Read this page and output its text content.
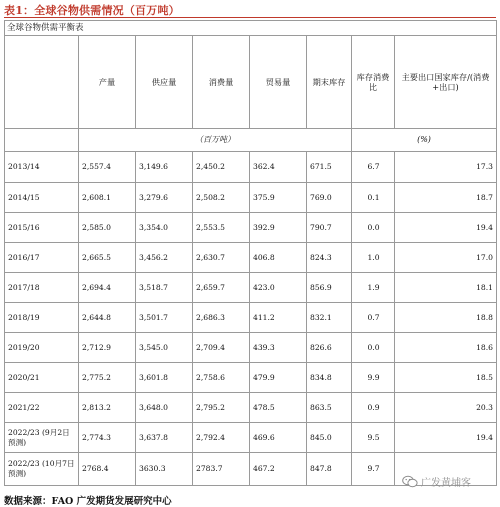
表1：全球谷物供需情况（百万吨）
全球谷物供需平衡表							
	产量	供应量	消费量	贸易量	期末库存	库存消费比	主要出口国家库存/(消费+出口)
	（百万吨）					(%)	
2013/14	2,557.4	3,149.6	2,450.2	362.4	671.5	6.7	17.3
2014/15	2,608.1	3,279.6	2,508.2	375.9	769.0	0.1	18.7
2015/16	2,585.0	3,354.0	2,553.5	392.9	790.7	0.0	19.4
2016/17	2,665.5	3,456.2	2,630.7	406.8	824.3	1.0	17.0
2017/18	2,694.4	3,518.7	2,659.7	423.0	856.9	1.9	18.1
2018/19	2,644.8	3,501.7	2,686.3	411.2	832.1	0.7	18.8
2019/20	2,712.9	3,545.0	2,709.4	439.3	826.6	0.0	18.6
2020/21	2,775.2	3,601.8	2,758.6	479.9	834.8	9.9	18.5
2021/22	2,813.2	3,648.0	2,795.2	478.5	863.5	0.9	20.3
2022/23 (9月2日预测)	2,774.3	3,637.8	2,792.4	469.6	845.0	9.5	19.4
2022/23 (10月7日预测)	2768.4	3630.3	2783.7	467.2	847.8	9.7	
数据来源：FAO 广发期货发展研究中心
广发黄埔客
